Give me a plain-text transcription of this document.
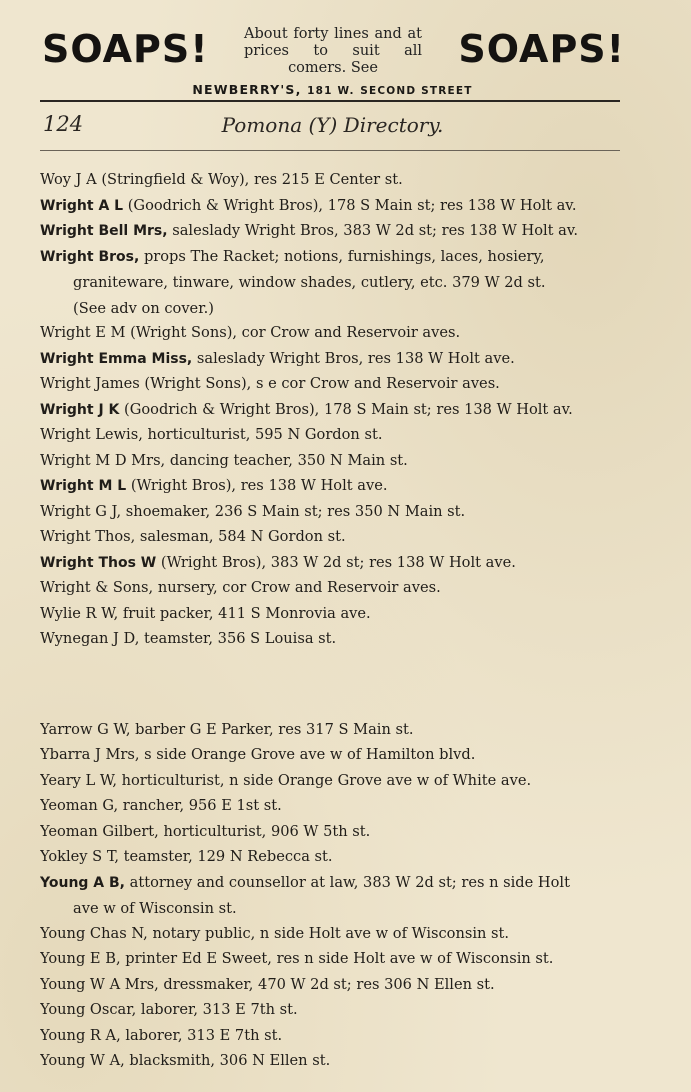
SOAPS! About forty lines and at prices to suit all comers. See	SOAPS!
NEWBERRY'S, 181 W. SECOND STREET
124	Pomona (Y) Directory.
Woy J A (Stringfield & Woy), res 215 E Center st.
Wright A L (Goodrich & Wright Bros), 178 S Main st; res 138 W Holt av.
Wright Bell Mrs, saleslady Wright Bros, 383 W 2d st; res 138 W Holt av.
Wright Bros, props The Racket; notions, furnishings, laces, hosiery,
graniteware, tinware, window shades, cutlery, etc. 379 W 2d st.
(See adv on cover.)
Wright E M (Wright Sons), cor Crow and Reservoir aves.
Wright Emma Miss, saleslady Wright Bros, res 138 W Holt ave.
Wright James (Wright Sons), s e cor Crow and Reservoir aves.
Wright J K (Goodrich & Wright Bros), 178 S Main st; res 138 W Holt av.
Wright Lewis, horticulturist, 595 N Gordon st.
Wright M D Mrs, dancing teacher, 350 N Main st.
Wright M L (Wright Bros), res 138 W Holt ave.
Wright G J, shoemaker, 236 S Main st; res 350 N Main st.
Wright Thos, salesman, 584 N Gordon st.
Wright Thos W (Wright Bros), 383 W 2d st; res 138 W Holt ave.
Wright & Sons, nursery, cor Crow and Reservoir aves.
Wylie R W, fruit packer, 411 S Monrovia ave.
Wynegan J D, teamster, 356 S Louisa st.
Yarrow G W, barber G E Parker, res 317 S Main st.
Ybarra J Mrs, s side Orange Grove ave w of Hamilton blvd.
Yeary L W, horticulturist, n side Orange Grove ave w of White ave.
Yeoman G, rancher, 956 E 1st st.
Yeoman Gilbert, horticulturist, 906 W 5th st.
Yokley S T, teamster, 129 N Rebecca st.
Young A B, attorney and counsellor at law, 383 W 2d st; res n side Holt
ave w of Wisconsin st.
Young Chas N, notary public, n side Holt ave w of Wisconsin st.
Young E B, printer Ed E Sweet, res n side Holt ave w of Wisconsin st.
Young W A Mrs, dressmaker, 470 W 2d st; res 306 N Ellen st.
Young Oscar, laborer, 313 E 7th st.
Young R A, laborer, 313 E 7th st.
Young W A, blacksmith, 306 N Ellen st.
